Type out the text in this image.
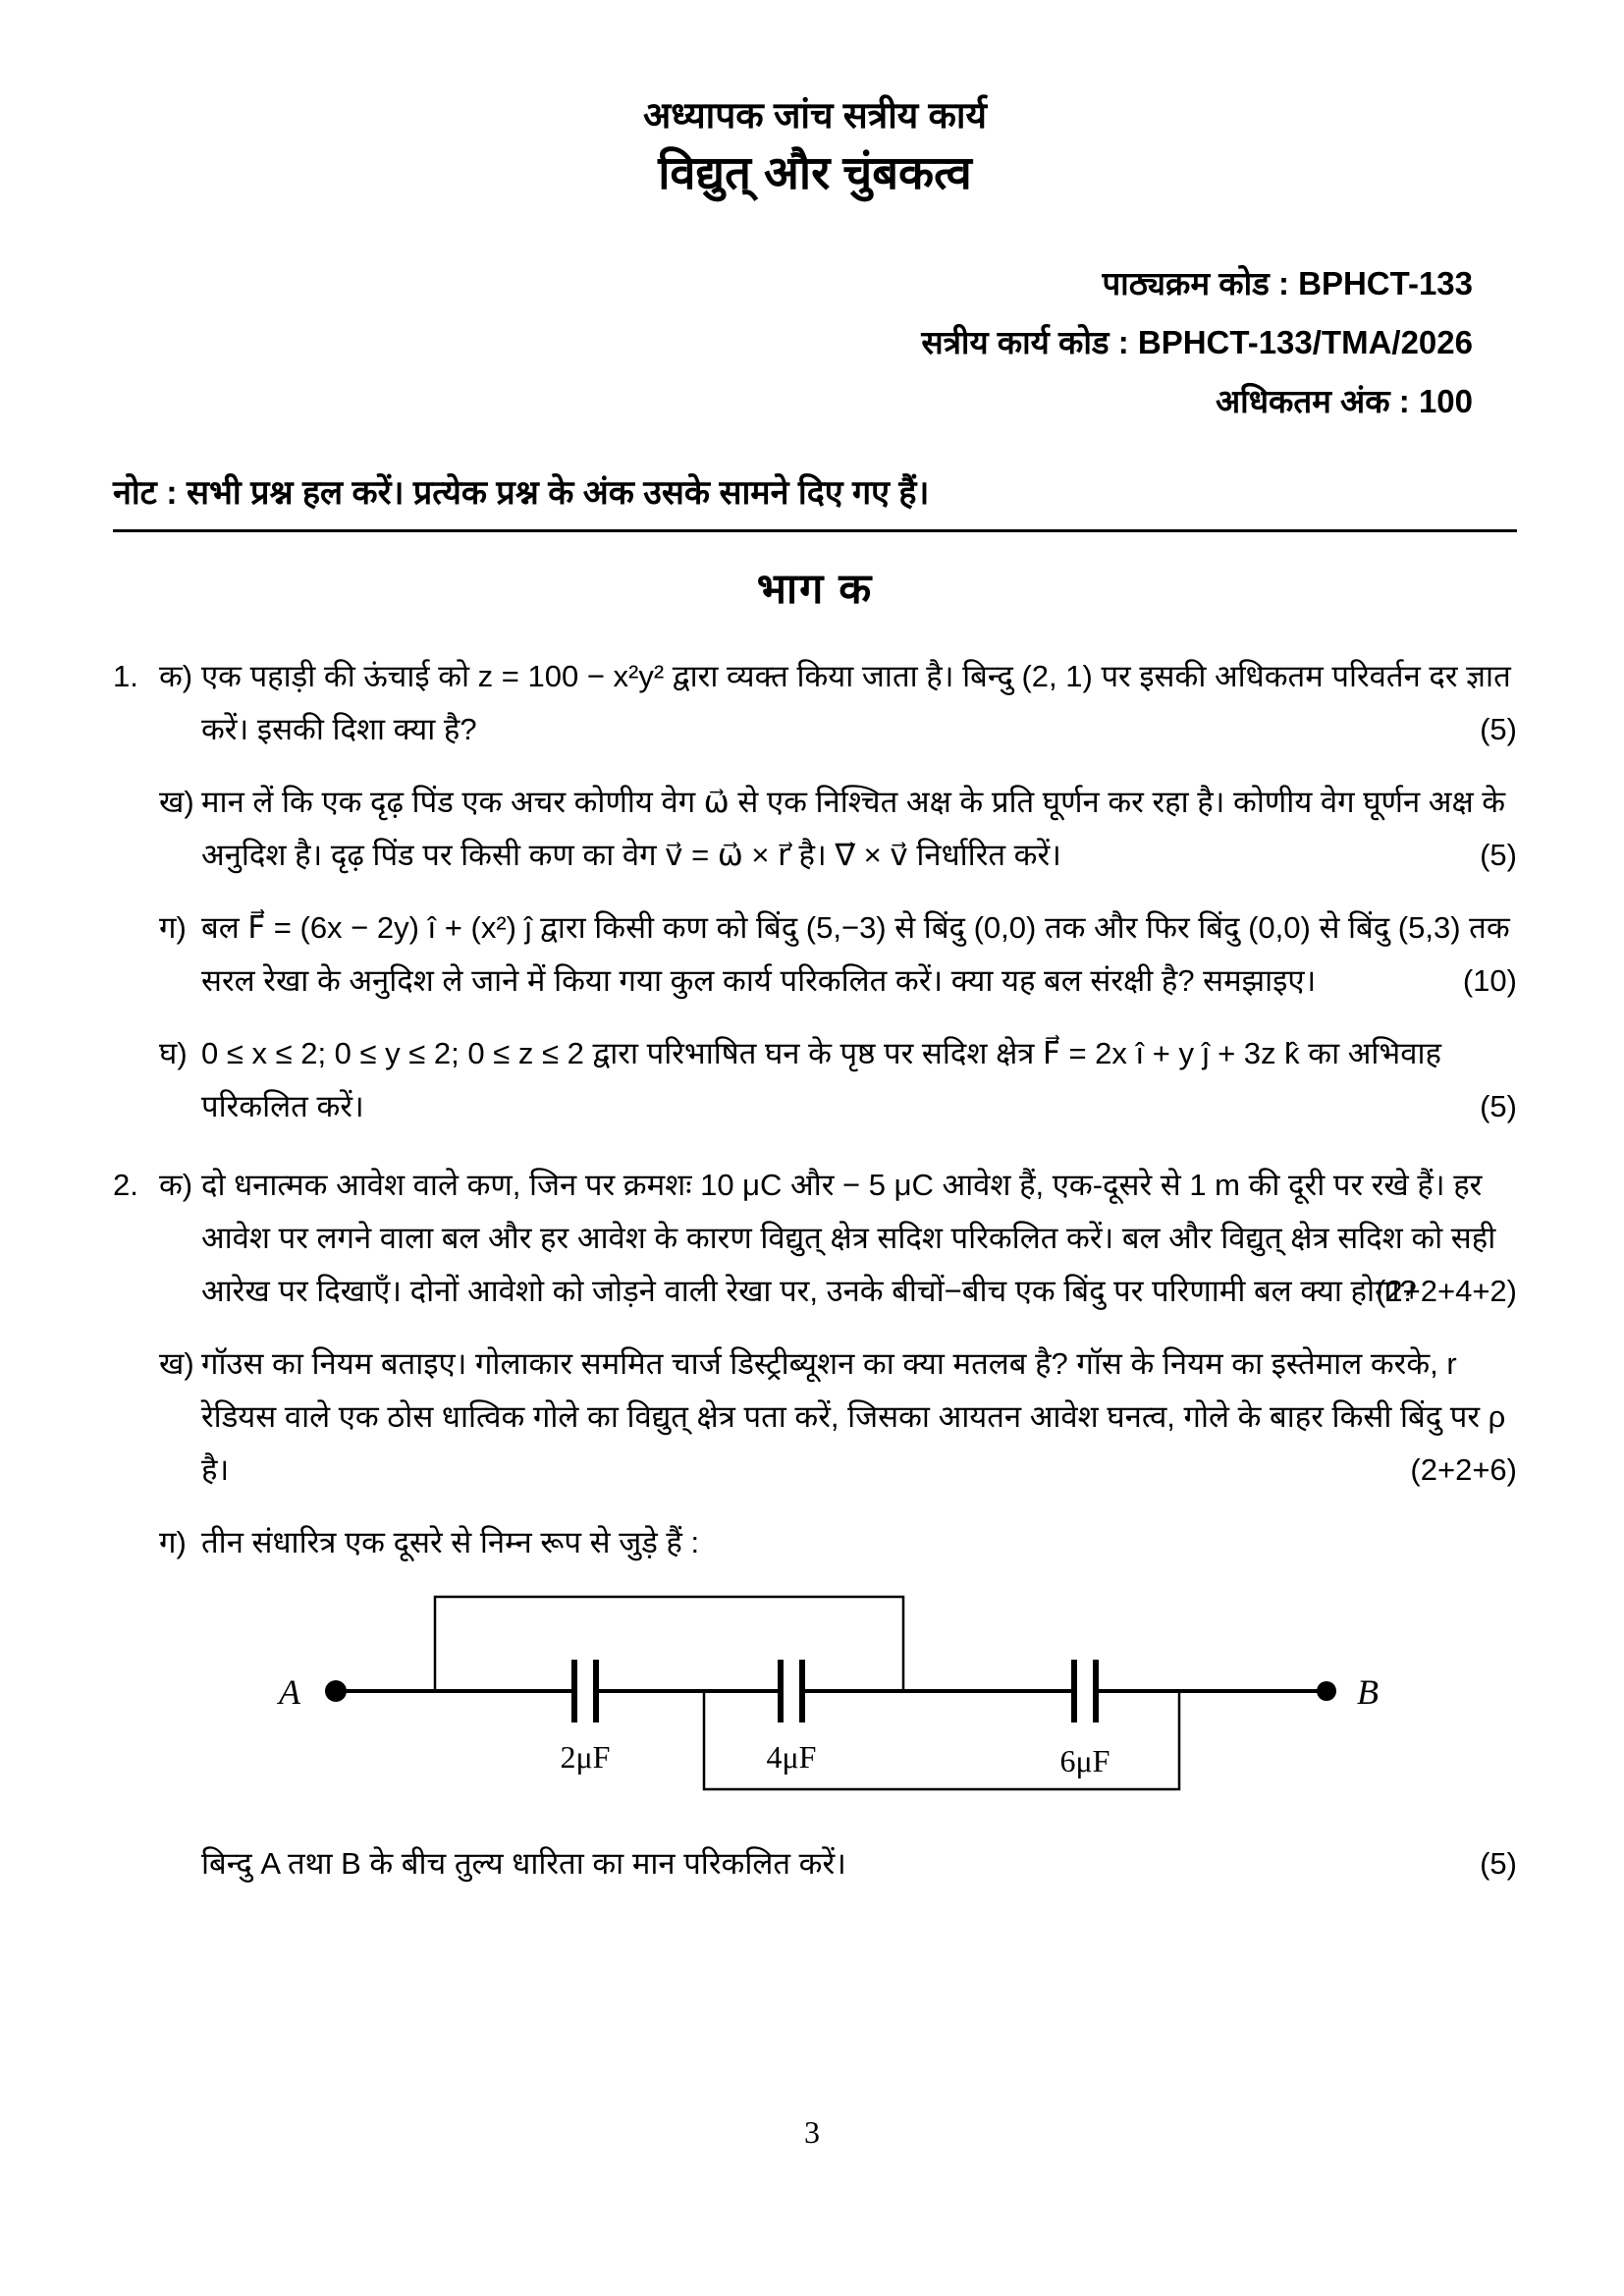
अध्यापक जांच सत्रीय कार्य
विद्युत् और चुंबकत्व
पाठ्यक्रम कोड : BPHCT-133
सत्रीय कार्य कोड : BPHCT-133/TMA/2026
अधिकतम अंक : 100
नोट : सभी प्रश्न हल करें। प्रत्येक प्रश्न के अंक उसके सामने दिए गए हैं।
भाग क
1. क) एक पहाड़ी की ऊंचाई को z = 100 − x²y² द्वारा व्यक्त किया जाता है। बिन्दु (2, 1) पर इसकी अधिकतम परिवर्तन दर ज्ञात करें। इसकी दिशा क्या है?	(5)
ख) मान लें कि एक दृढ़ पिंड एक अचर कोणीय वेग ω⃗ से एक निश्चित अक्ष के प्रति घूर्णन कर रहा है। कोणीय वेग घूर्णन अक्ष के अनुदिश है। दृढ़ पिंड पर किसी कण का वेग v⃗ = ω⃗ × r⃗ है। ∇⃗ × v⃗ निर्धारित करें।	(5)
ग) बल F⃗ = (6x − 2y) î + (x²) ĵ द्वारा किसी कण को बिंदु (5,−3) से बिंदु (0,0) तक और फिर बिंदु (0,0) से बिंदु (5,3) तक सरल रेखा के अनुदिश ले जाने में किया गया कुल कार्य परिकलित करें। क्या यह बल संरक्षी है? समझाइए।	(10)
घ) 0 ≤ x ≤ 2; 0 ≤ y ≤ 2; 0 ≤ z ≤ 2 द्वारा परिभाषित घन के पृष्ठ पर सदिश क्षेत्र F⃗ = 2x î + y ĵ + 3z k̂ का अभिवाह परिकलित करें।	(5)
2. क) दो धनात्मक आवेश वाले कण, जिन पर क्रमशः 10 μC और − 5 μC आवेश हैं, एक-दूसरे से 1 m की दूरी पर रखे हैं। हर आवेश पर लगने वाला बल और हर आवेश के कारण विद्युत् क्षेत्र सदिश परिकलित करें। बल और विद्युत् क्षेत्र सदिश को सही आरेख पर दिखाएँ। दोनों आवेशो को जोड़ने वाली रेखा पर, उनके बीचों−बीच एक बिंदु पर परिणामी बल क्या होगा?
(2+2+4+2)
ख) गॉउस का नियम बताइए। गोलाकार सममित चार्ज डिस्ट्रीब्यूशन का क्या मतलब है? गॉस के नियम का इस्तेमाल करके, r रेडियस वाले एक ठोस धात्विक गोले का विद्युत् क्षेत्र पता करें, जिसका आयतन आवेश घनत्व, गोले के बाहर किसी बिंदु पर ρ है।	(2+2+6)
ग) तीन संधारित्र एक दूसरे से निम्न रूप से जुड़े हैं :
A	B
2μF	4μF	6μF
बिन्दु A तथा B के बीच तुल्य धारिता का मान परिकलित करें।	(5)
3
